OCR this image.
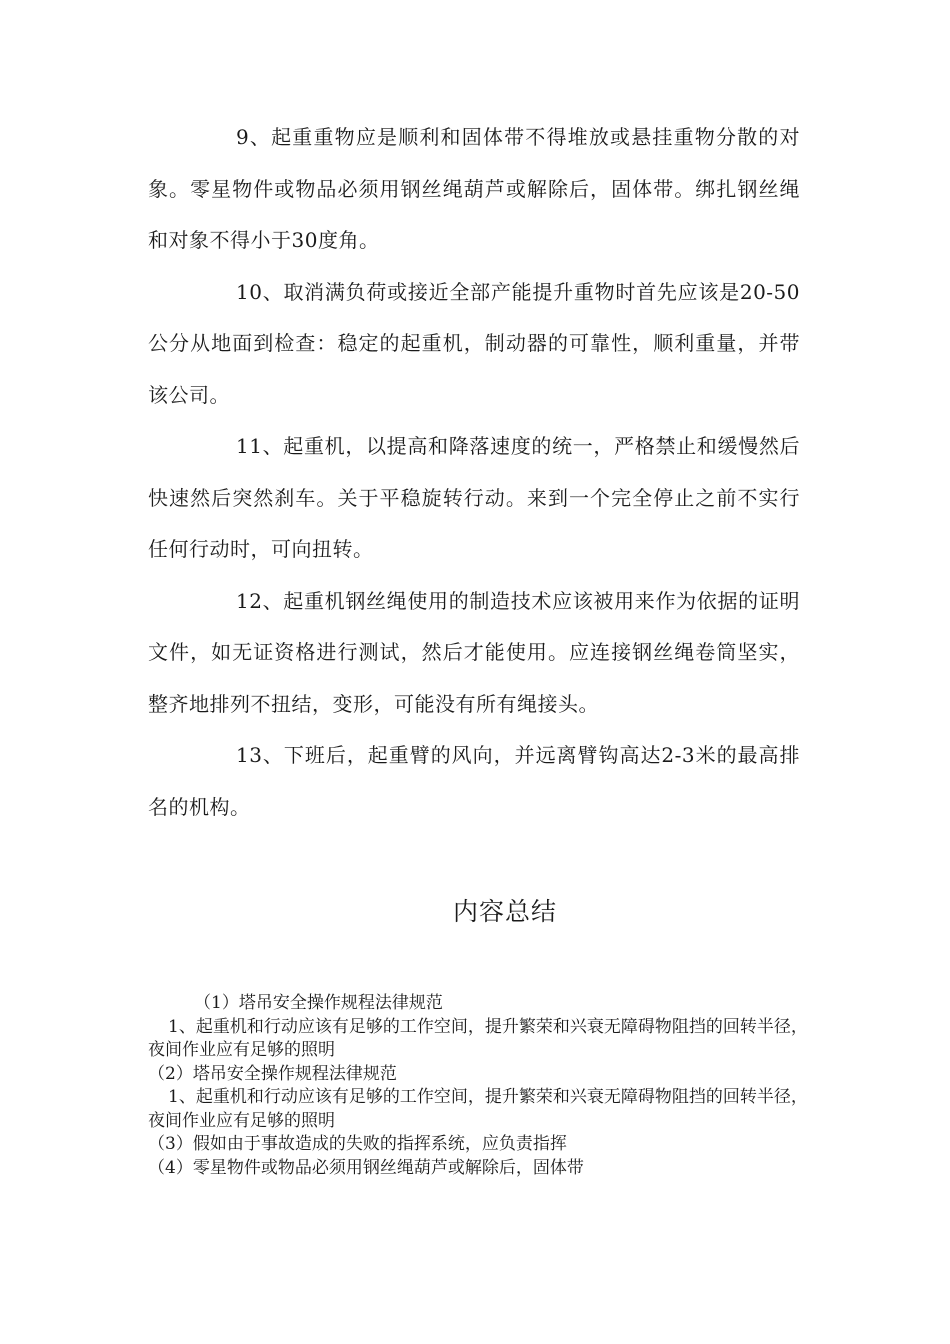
9、起重重物应是顺利和固体带不得堆放或悬挂重物分散的对象。零星物件或物品必须用钢丝绳葫芦或解除后，固体带。绑扎钢丝绳和对象不得小于30度角。

10、取消满负荷或接近全部产能提升重物时首先应该是20-50公分从地面到检查：稳定的起重机，制动器的可靠性，顺利重量，并带该公司。

11、起重机，以提高和降落速度的统一，严格禁止和缓慢然后快速然后突然刹车。关于平稳旋转行动。来到一个完全停止之前不实行任何行动时，可向扭转。

12、起重机钢丝绳使用的制造技术应该被用来作为依据的证明文件，如无证资格进行测试，然后才能使用。应连接钢丝绳卷筒坚实，整齐地排列不扭结，变形，可能没有所有绳接头。

13、下班后，起重臂的风向，并远离臂钩高达2-3米的最高排名的机构。

内容总结

（1）塔吊安全操作规程法律规范

1、起重机和行动应该有足够的工作空间，提升繁荣和兴衰无障碍物阻挡的回转半径，夜间作业应有足够的照明

（2）塔吊安全操作规程法律规范

1、起重机和行动应该有足够的工作空间，提升繁荣和兴衰无障碍物阻挡的回转半径，夜间作业应有足够的照明

（3）假如由于事故造成的失败的指挥系统，应负责指挥

（4）零星物件或物品必须用钢丝绳葫芦或解除后，固体带
